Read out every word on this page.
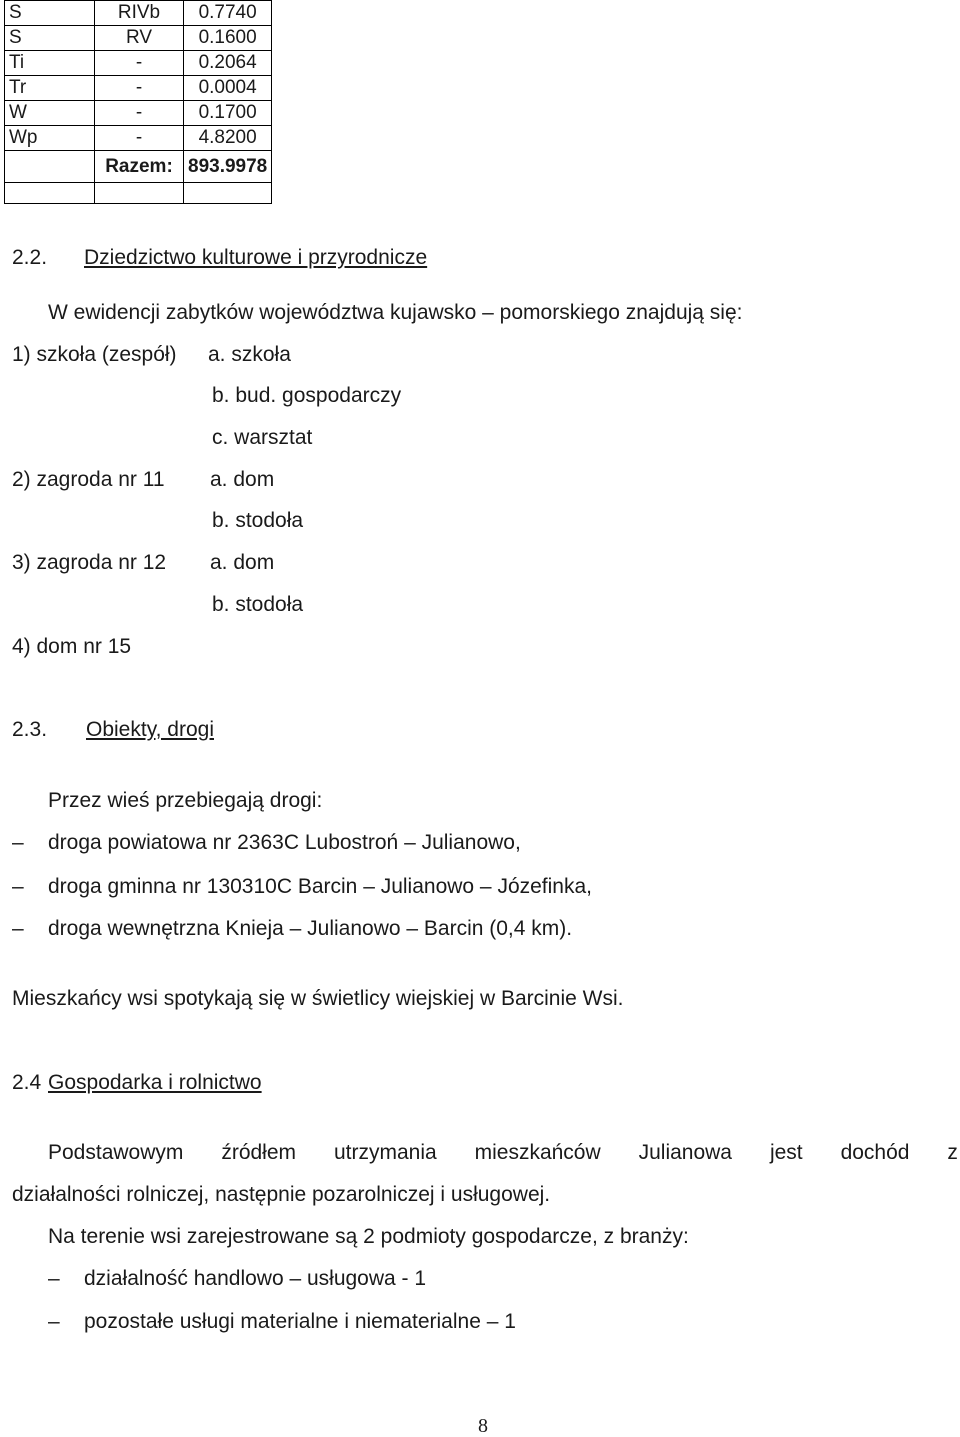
S	RIVb	0.7740
S	RV	0.1600
Ti	-	0.2064
Tr	-	0.0004
W	-	0.1700
Wp	-	4.8200
	Razem:	893.9978

2.2. Dziedzictwo kulturowe i przyrodnicze
W ewidencji zabytków województwa kujawsko – pomorskiego znajdują się:
1) szkoła (zespół) a. szkoła
b. bud. gospodarczy
c. warsztat
2) zagroda nr 11 a. dom
b. stodoła
3) zagroda nr 12 a. dom
b. stodoła
4) dom nr 15
2.3. Obiekty, drogi
Przez wieś przebiegają drogi:
– droga powiatowa nr 2363C Lubostroń – Julianowo,
– droga gminna nr 130310C Barcin – Julianowo – Józefinka,
– droga wewnętrzna Knieja – Julianowo – Barcin (0,4 km).
Mieszkańcy wsi spotykają się w świetlicy wiejskiej w Barcinie Wsi.
2.4 Gospodarka i rolnictwo
Podstawowym źródłem utrzymania mieszkańców Julianowa jest dochód z
działalności rolniczej, następnie pozarolniczej i usługowej.
Na terenie wsi zarejestrowane są 2 podmioty gospodarcze, z branży:
– działalność handlowo – usługowa - 1
– pozostałe usługi materialne i niematerialne – 1
8
